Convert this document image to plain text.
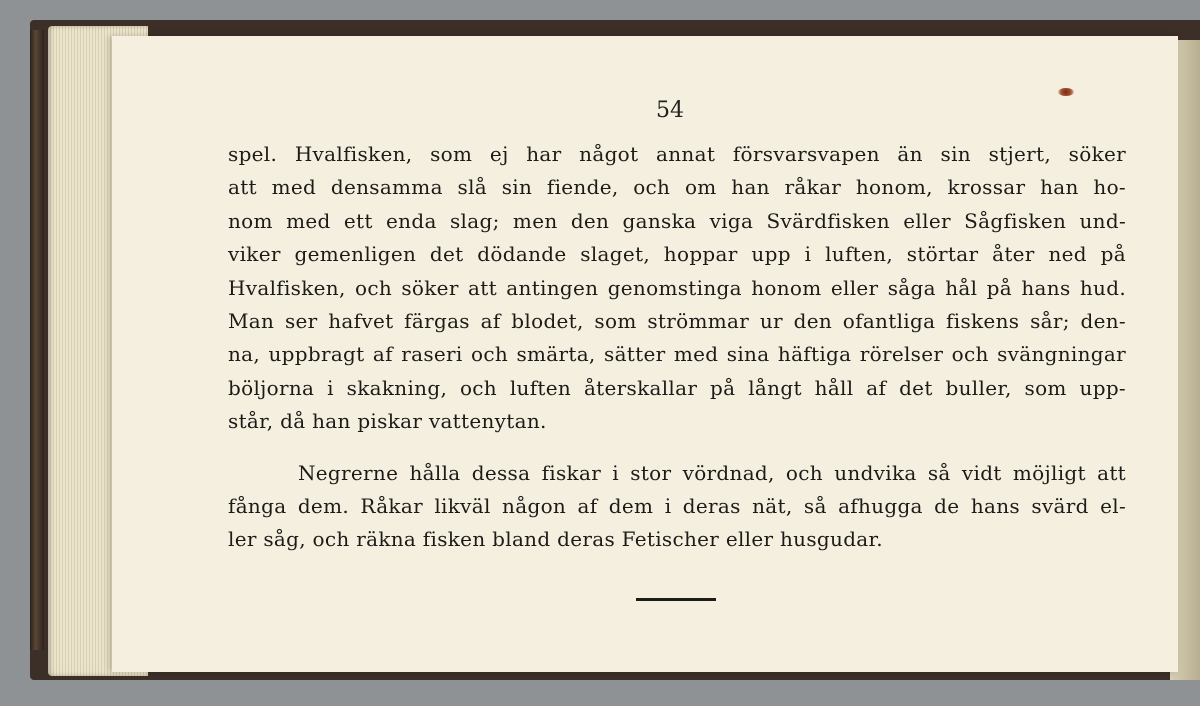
54
spel. Hvalfisken, som ej har något annat försvarsvapen än sin stjert, söker
att med densamma slå sin fiende, och om han råkar honom, krossar han ho-
nom med ett enda slag; men den ganska viga Svärdfisken eller Sågfisken und-
viker gemenligen det dödande slaget, hoppar upp i luften, störtar åter ned på
Hvalfisken, och söker att antingen genomstinga honom eller såga hål på hans hud.
Man ser hafvet färgas af blodet, som strömmar ur den ofantliga fiskens sår; den-
na, uppbragt af raseri och smärta, sätter med sina häftiga rörelser och svängningar
böljorna i skakning, och luften återskallar på långt håll af det buller, som upp-
står, då han piskar vattenytan.
Negrerne hålla dessa fiskar i stor vördnad, och undvika så vidt möjligt att
fånga dem. Råkar likväl någon af dem i deras nät, så afhugga de hans svärd el-
ler såg, och räkna fisken bland deras Fetischer eller husgudar.
